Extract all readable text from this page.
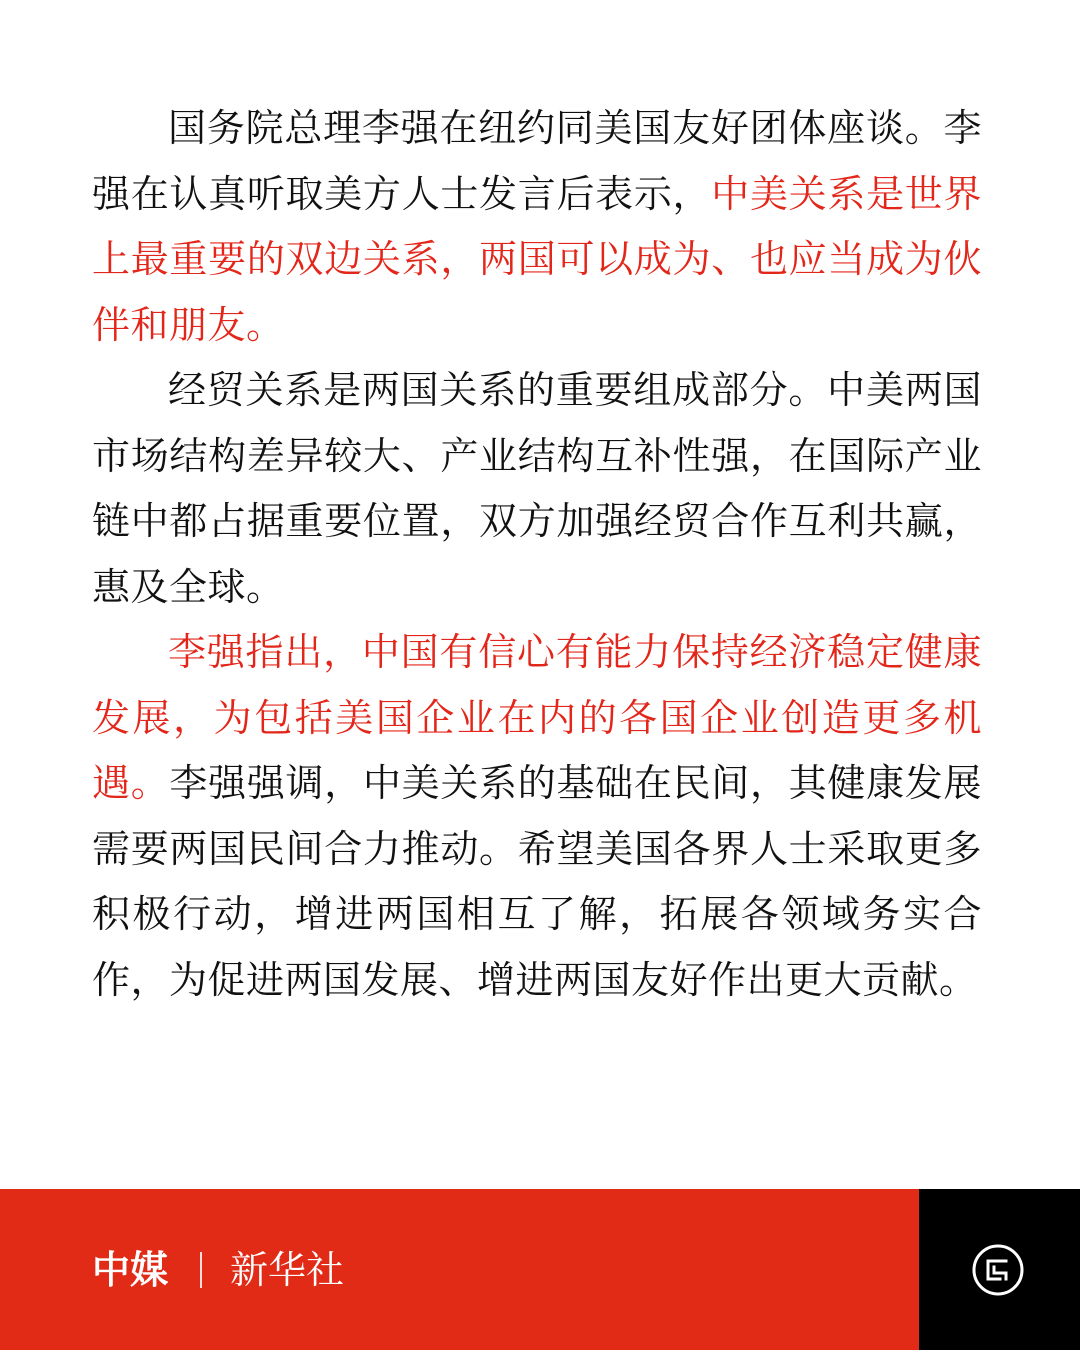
国务院总理李强在纽约同美国友好团体座谈。李强在认真听取美方人士发言后表示，中美关系是世界上最重要的双边关系，两国可以成为、也应当成为伙伴和朋友。

经贸关系是两国关系的重要组成部分。中美两国市场结构差异较大、产业结构互补性强，在国际产业链中都占据重要位置，双方加强经贸合作互利共赢，惠及全球。

李强指出，中国有信心有能力保持经济稳定健康发展，为包括美国企业在内的各国企业创造更多机遇。李强强调，中美关系的基础在民间，其健康发展需要两国民间合力推动。希望美国各界人士采取更多积极行动，增进两国相互了解，拓展各领域务实合作，为促进两国发展、增进两国友好作出更大贡献。

中媒 新华社
